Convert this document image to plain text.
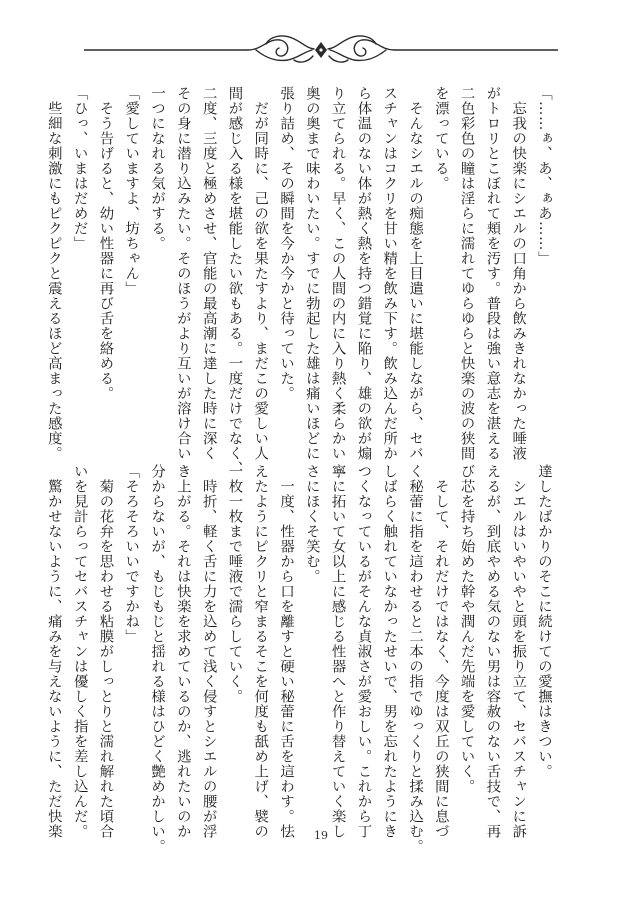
「……ぁ、あ、ぁあ……」
　忘我の快楽にシエルの口角から飲みきれなかった唾液
がトロリとこぼれて頬を汚す。普段は強い意志を湛える
二色彩色の瞳は淫らに濡れてゆらゆらと快楽の波の狭間
を漂っている。
　そんなシエルの痴態を上目遣いに堪能しながら、セバ
スチャンはコクリを甘い精を飲み下す。飲み込んだ所か
ら体温のない体が熱く熱を持つ錯覚に陥り、雄の欲が煽
り立てられる。早く、この人間の内に入り熱く柔らかい
奥の奥まで味わいたい。すでに勃起した雄は痛いほどに
張り詰め、その瞬間を今か今かと待っていた。
　だが同時に、己の欲を果たすより、まだこの愛しい人
間が感じ入る様を堪能したい欲もある。一度だけでなく、
二度、三度と極めさせ、官能の最高潮に達した時に深く
その身に潜り込みたい。そのほうがより互いが溶け合い
一つになれる気がする。
「愛していますよ、坊ちゃん」
　そう告げると、幼い性器に再び舌を絡める。
「ひっ、いまはだめだ」
　些細な刺激にもピクピクと震えるほど高まった感度。
達したばかりのそこに続けての愛撫はきつい。
　シエルはいやいやと頭を振り立て、セバスチャンに訴
えるが、到底やめる気のない男は容赦のない舌技で、再
び芯を持ち始めた幹や潤んだ先端を愛していく。
　そして、それだけではなく、今度は双丘の狭間に息づ
く秘蕾に指を這わせると二本の指でゆっくりと揉み込む。
しばらく触れていなかったせいで、男を忘れたようにき
つくなっているがそんな貞淑さが愛おしい。これから丁
寧に拓いて女以上に感じる性器へと作り替えていく楽し
さにほくそ笑む。
　一度、性器から口を離すと硬い秘蕾に舌を這わす。怯
えたようにピクリと窄まるそこを何度も舐め上げ、襞の
一枚一枚まで唾液で濡らしていく。
　時折、軽く舌に力を込めて浅く侵すとシエルの腰が浮
き上がる。それは快楽を求めているのか、逃れたいのか
分からないが、もじもじと揺れる様はひどく艶めかしい。
「そろそろいいですかね」
　菊の花弁を思わせる粘膜がしっとりと濡れ解れた頃合
いを見計らってセバスチャンは優しく指を差し込んだ。
　驚かせないように、痛みを与えないように、ただ快楽	19
